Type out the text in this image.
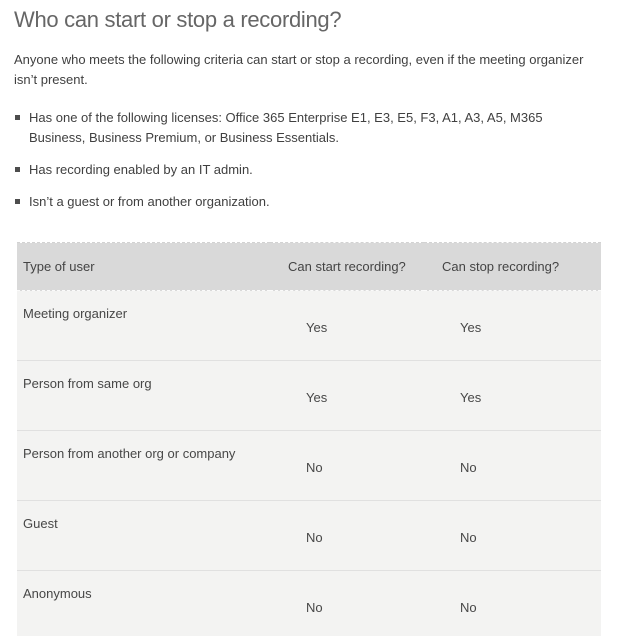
Who can start or stop a recording?

Anyone who meets the following criteria can start or stop a recording, even if the meeting organizer isn’t present.

Has one of the following licenses: Office 365 Enterprise E1, E3, E5, F3, A1, A3, A5, M365 Business, Business Premium, or Business Essentials.
Has recording enabled by an IT admin.
Isn’t a guest or from another organization.
Type of user	Can start recording?	Can stop recording?
Meeting organizer	Yes	Yes
Person from same org	Yes	Yes
Person from another org or company	No	No
Guest	No	No
Anonymous	No	No
